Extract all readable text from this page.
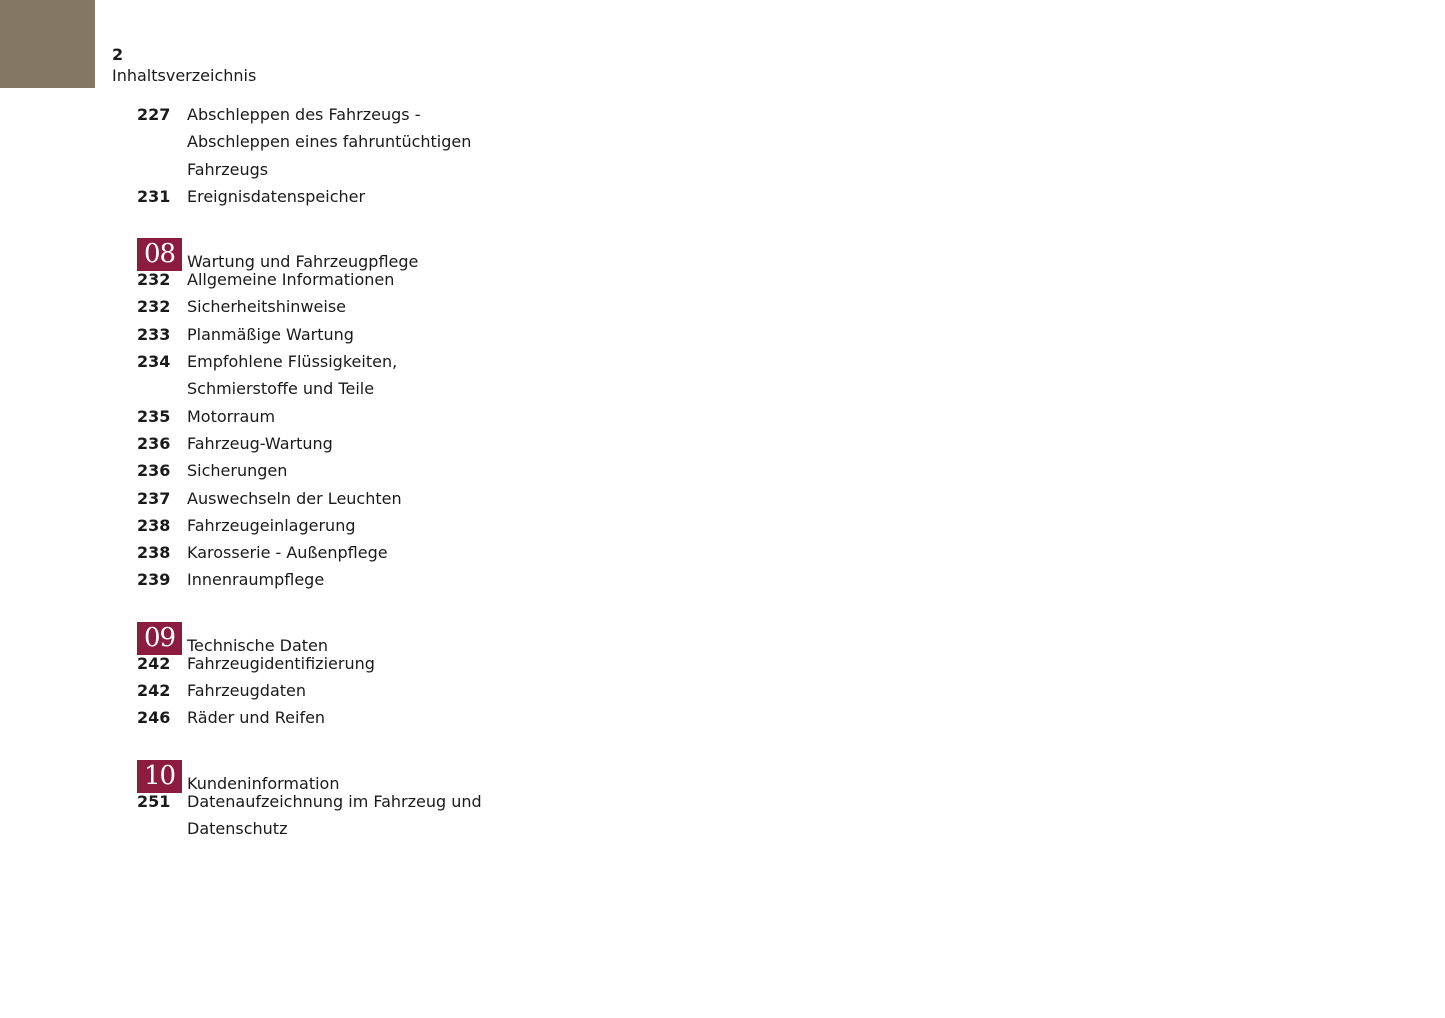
2
Inhaltsverzeichnis
227	Abschleppen des Fahrzeugs -
Abschleppen eines fahruntüchtigen
Fahrzeugs
231	Ereignisdatenspeicher
08 Wartung und Fahrzeugpflege
232	Allgemeine Informationen
232	Sicherheitshinweise
233	Planmäßige Wartung
234	Empfohlene Flüssigkeiten,
Schmierstoffe und Teile
235	Motorraum
236	Fahrzeug-Wartung
236	Sicherungen
237	Auswechseln der Leuchten
238	Fahrzeugeinlagerung
238	Karosserie - Außenpflege
239	Innenraumpflege
09 Technische Daten
242	Fahrzeugidentifizierung
242	Fahrzeugdaten
246	Räder und Reifen
10 Kundeninformation
251	Datenaufzeichnung im Fahrzeug und
Datenschutz
